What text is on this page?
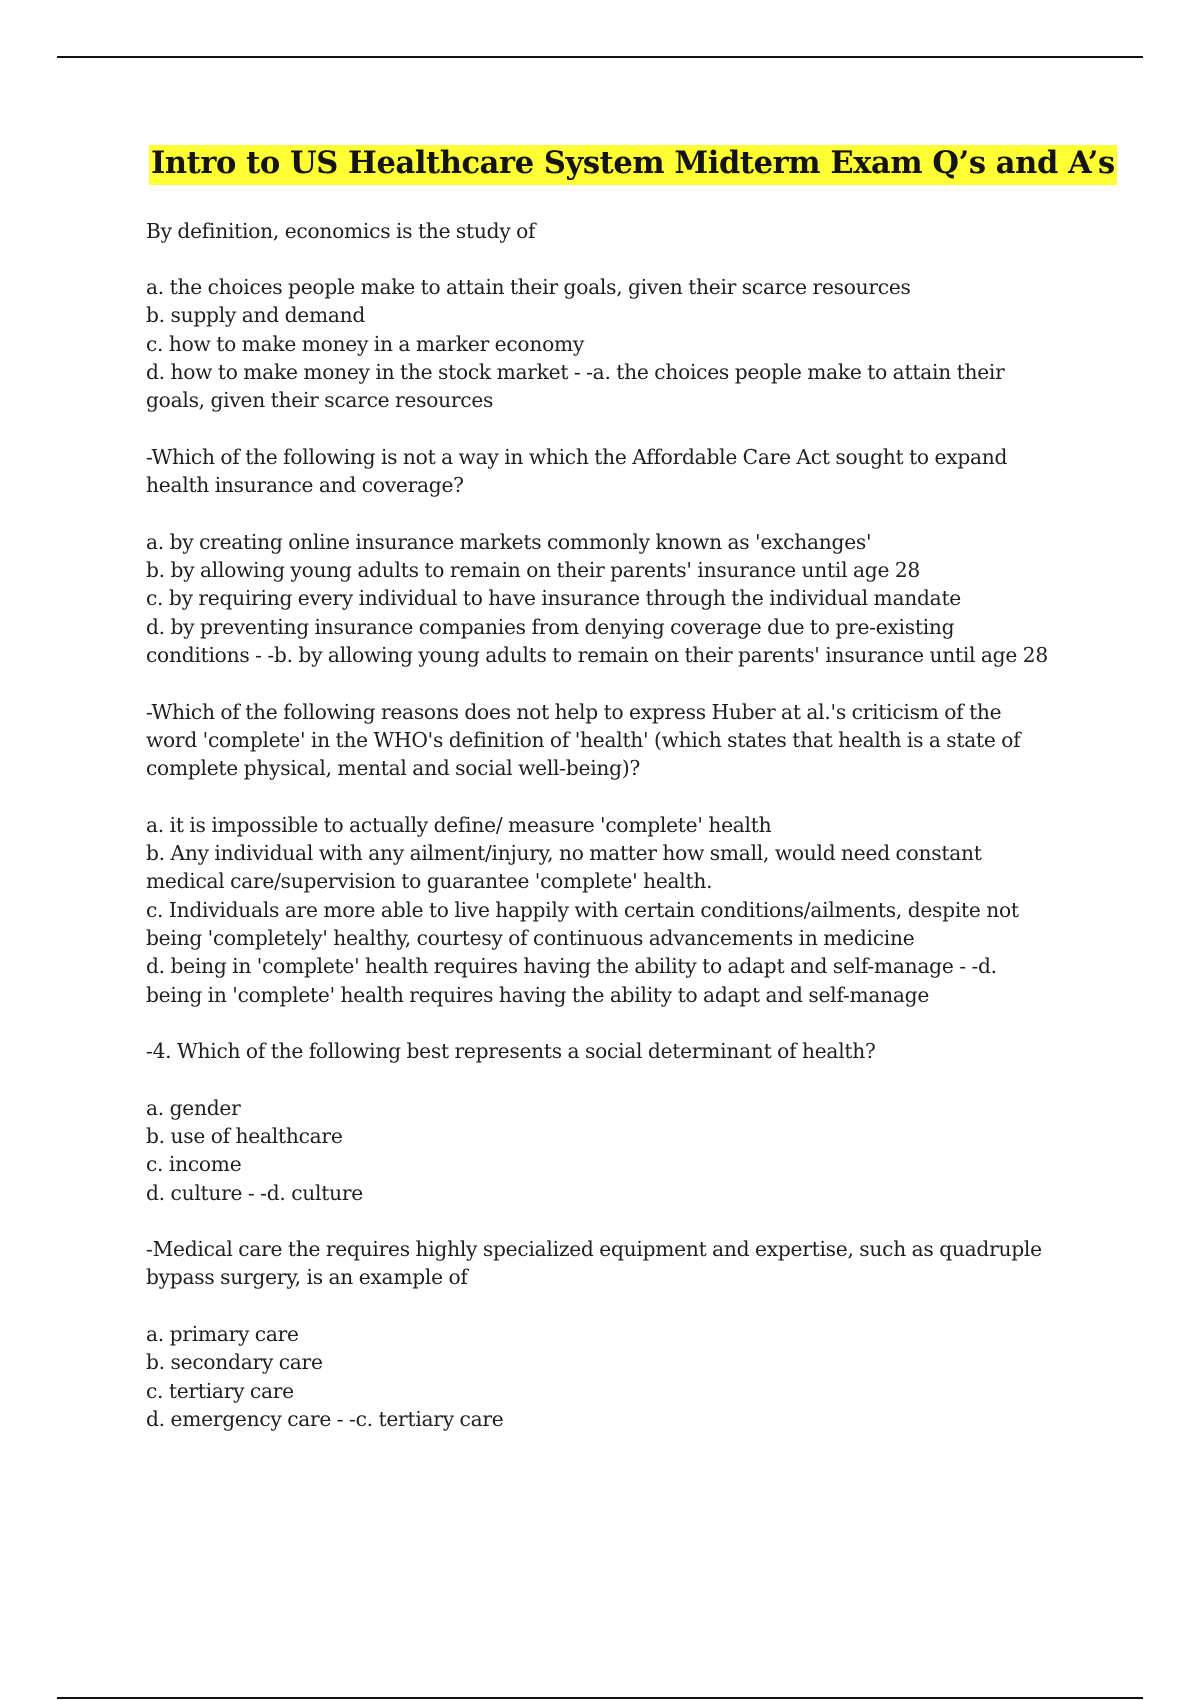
Intro to US Healthcare System Midterm Exam Q’s and A’s
By definition, economics is the study of
a. the choices people make to attain their goals, given their scarce resources
b. supply and demand
c. how to make money in a marker economy
d. how to make money in the stock market - -a. the choices people make to attain their
goals, given their scarce resources
-Which of the following is not a way in which the Affordable Care Act sought to expand
health insurance and coverage?
a. by creating online insurance markets commonly known as 'exchanges'
b. by allowing young adults to remain on their parents' insurance until age 28
c. by requiring every individual to have insurance through the individual mandate
d. by preventing insurance companies from denying coverage due to pre-existing
conditions - -b. by allowing young adults to remain on their parents' insurance until age 28
-Which of the following reasons does not help to express Huber at al.'s criticism of the
word 'complete' in the WHO's definition of 'health' (which states that health is a state of
complete physical, mental and social well-being)?
a. it is impossible to actually define/ measure 'complete' health
b. Any individual with any ailment/injury, no matter how small, would need constant
medical care/supervision to guarantee 'complete' health.
c. Individuals are more able to live happily with certain conditions/ailments, despite not
being 'completely' healthy, courtesy of continuous advancements in medicine
d. being in 'complete' health requires having the ability to adapt and self-manage - -d.
being in 'complete' health requires having the ability to adapt and self-manage
-4. Which of the following best represents a social determinant of health?
a. gender
b. use of healthcare
c. income
d. culture - -d. culture
-Medical care the requires highly specialized equipment and expertise, such as quadruple
bypass surgery, is an example of
a. primary care
b. secondary care
c. tertiary care
d. emergency care - -c. tertiary care
